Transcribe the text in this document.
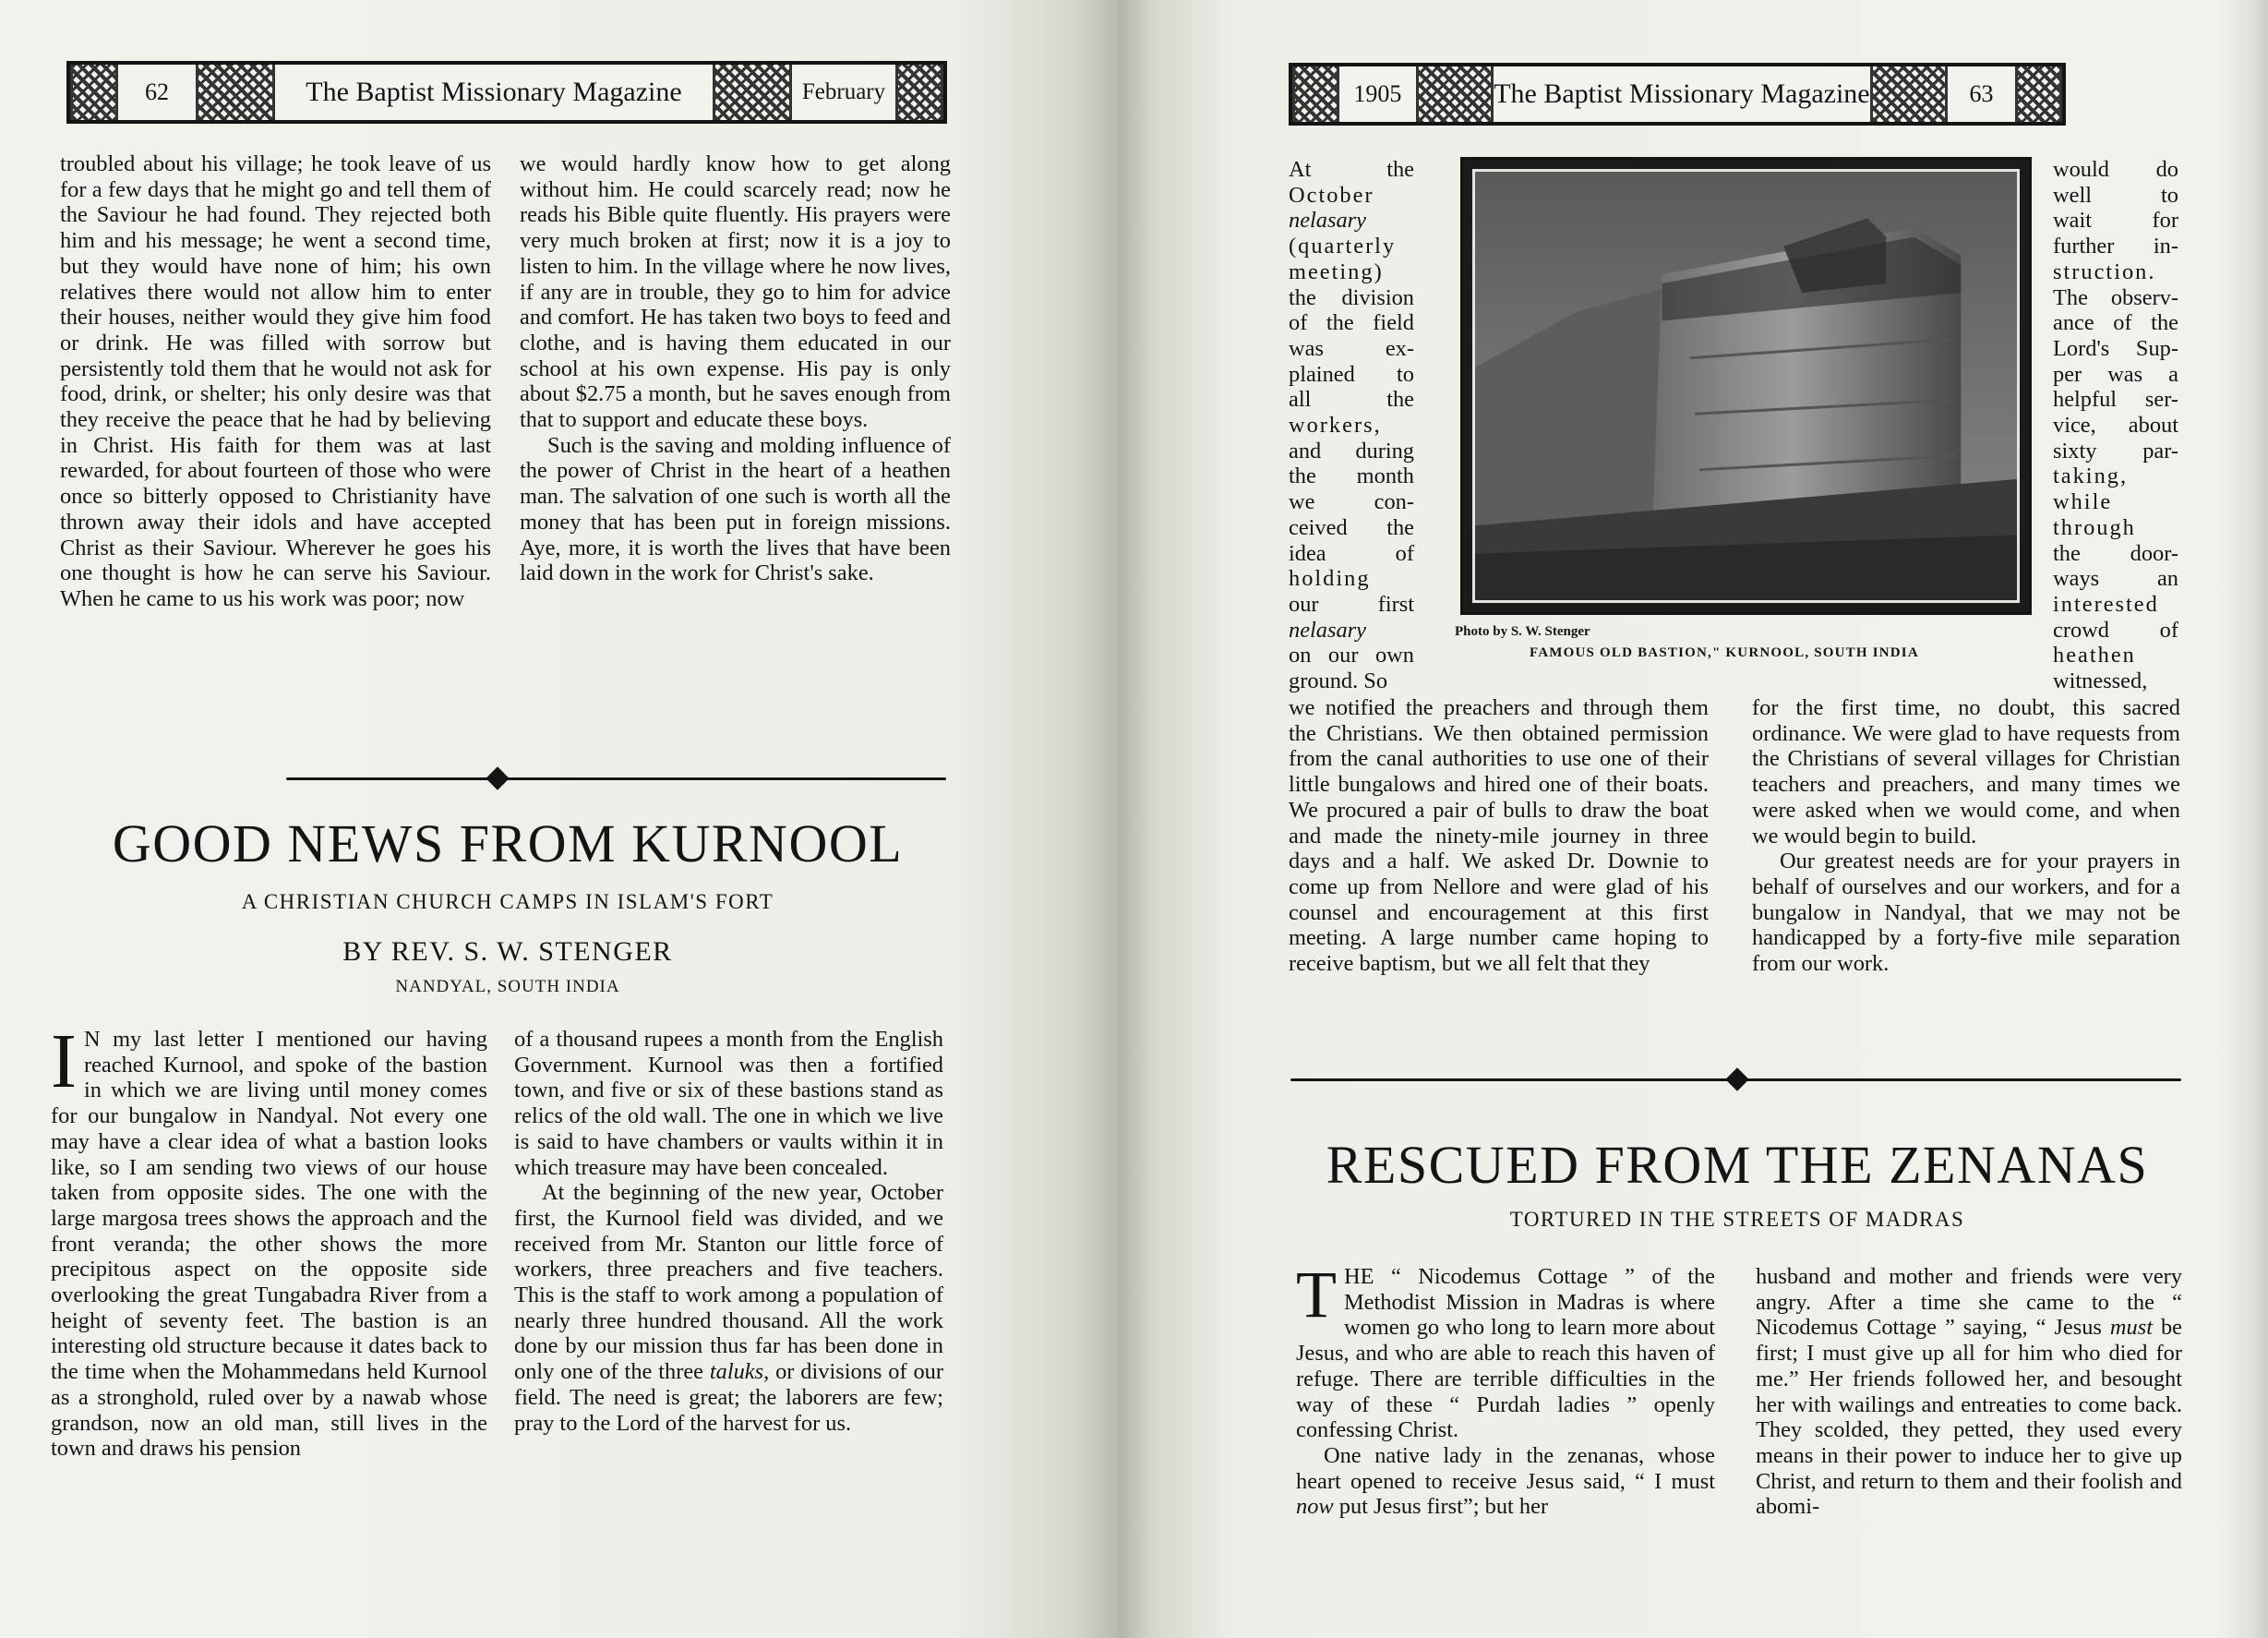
62	The Baptist Missionary Magazine	February

troubled about his village; he took leave of us for a few days that he might go and tell them of the Saviour he had found. They rejected both him and his message; he went a second time, but they would have none of him; his own relatives there would not allow him to enter their houses, neither would they give him food or drink. He was filled with sorrow but persistently told them that he would not ask for food, drink, or shelter; his only desire was that they receive the peace that he had by believing in Christ. His faith for them was at last rewarded, for about fourteen of those who were once so bitterly opposed to Christianity have thrown away their idols and have accepted Christ as their Saviour. Wherever he goes his one thought is how he can serve his Saviour. When he came to us his work was poor; now

we would hardly know how to get along without him. He could scarcely read; now he reads his Bible quite fluently. His prayers were very much broken at first; now it is a joy to listen to him. In the village where he now lives, if any are in trouble, they go to him for advice and comfort. He has taken two boys to feed and clothe, and is having them educated in our school at his own expense. His pay is only about $2.75 a month, but he saves enough from that to support and educate these boys.

Such is the saving and molding influence of the power of Christ in the heart of a heathen man. The salvation of one such is worth all the money that has been put in foreign missions. Aye, more, it is worth the lives that have been laid down in the work for Christ's sake.

GOOD NEWS FROM KURNOOL
A CHRISTIAN CHURCH CAMPS IN ISLAM'S FORT
BY REV. S. W. STENGER
NANDYAL, SOUTH INDIA

I N my last letter I mentioned our having reached Kurnool, and spoke of the bastion in which we are living until money comes for our bungalow in Nandyal. Not every one may have a clear idea of what a bastion looks like, so I am sending two views of our house taken from opposite sides. The one with the large margosa trees shows the approach and the front veranda; the other shows the more precipitous aspect on the opposite side overlooking the great Tungabadra River from a height of seventy feet. The bastion is an interesting old structure because it dates back to the time when the Mohammedans held Kurnool as a stronghold, ruled over by a nawab whose grandson, now an old man, still lives in the town and draws his pension

of a thousand rupees a month from the English Government. Kurnool was then a fortified town, and five or six of these bastions stand as relics of the old wall. The one in which we live is said to have chambers or vaults within it in which treasure may have been concealed.

At the beginning of the new year, October first, the Kurnool field was divided, and we received from Mr. Stanton our little force of workers, three preachers and five teachers. This is the staff to work among a population of nearly three hundred thousand. All the work done by our mission thus far has been done in only one of the three taluks, or divisions of our field. The need is great; the laborers are few; pray to the Lord of the harvest for us.

1905	The Baptist Missionary Magazine	63
At	the
October
nelasary
(quarterly
meeting)
the division
of the field
was	ex-
plained to
all	the
workers,
and during
the month
we	con-
ceived the
idea	of
holding
our	first
nelasary
on our own
ground. So
would do
well	to
wait	for
further in-
struction.
The observ-
ance of the
Lord's Sup-
per was a
helpful ser-
vice, about
sixty par-
taking,
while
through
the door-
ways	an
interested
crowd of
heathen
witnessed,
Photo by S. W. Stenger
FAMOUS OLD BASTION," KURNOOL, SOUTH INDIA

we notified the preachers and through them the Christians. We then obtained permission from the canal authorities to use one of their little bungalows and hired one of their boats. We procured a pair of bulls to draw the boat and made the ninety-mile journey in three days and a half. We asked Dr. Downie to come up from Nellore and were glad of his counsel and encouragement at this first meeting. A large number came hoping to receive baptism, but we all felt that they

for the first time, no doubt, this sacred ordinance. We were glad to have requests from the Christians of several villages for Christian teachers and preachers, and many times we were asked when we would come, and when we would begin to build.

Our greatest needs are for your prayers in behalf of ourselves and our workers, and for a bungalow in Nandyal, that we may not be handicapped by a forty-five mile separation from our work.

RESCUED FROM THE ZENANAS
TORTURED IN THE STREETS OF MADRAS

THE “ Nicodemus Cottage ” of the Methodist Mission in Madras is where women go who long to learn more about Jesus, and who are able to reach this haven of refuge. There are terrible difficulties in the way of these “ Purdah ladies ” openly confessing Christ.

One native lady in the zenanas, whose heart opened to receive Jesus said, “ I must now put Jesus first”; but her

husband and mother and friends were very angry. After a time she came to the “ Nicodemus Cottage ” saying, “ Jesus must be first; I must give up all for him who died for me.” Her friends followed her, and besought her with wailings and entreaties to come back. They scolded, they petted, they used every means in their power to induce her to give up Christ, and return to them and their foolish and abomi-
